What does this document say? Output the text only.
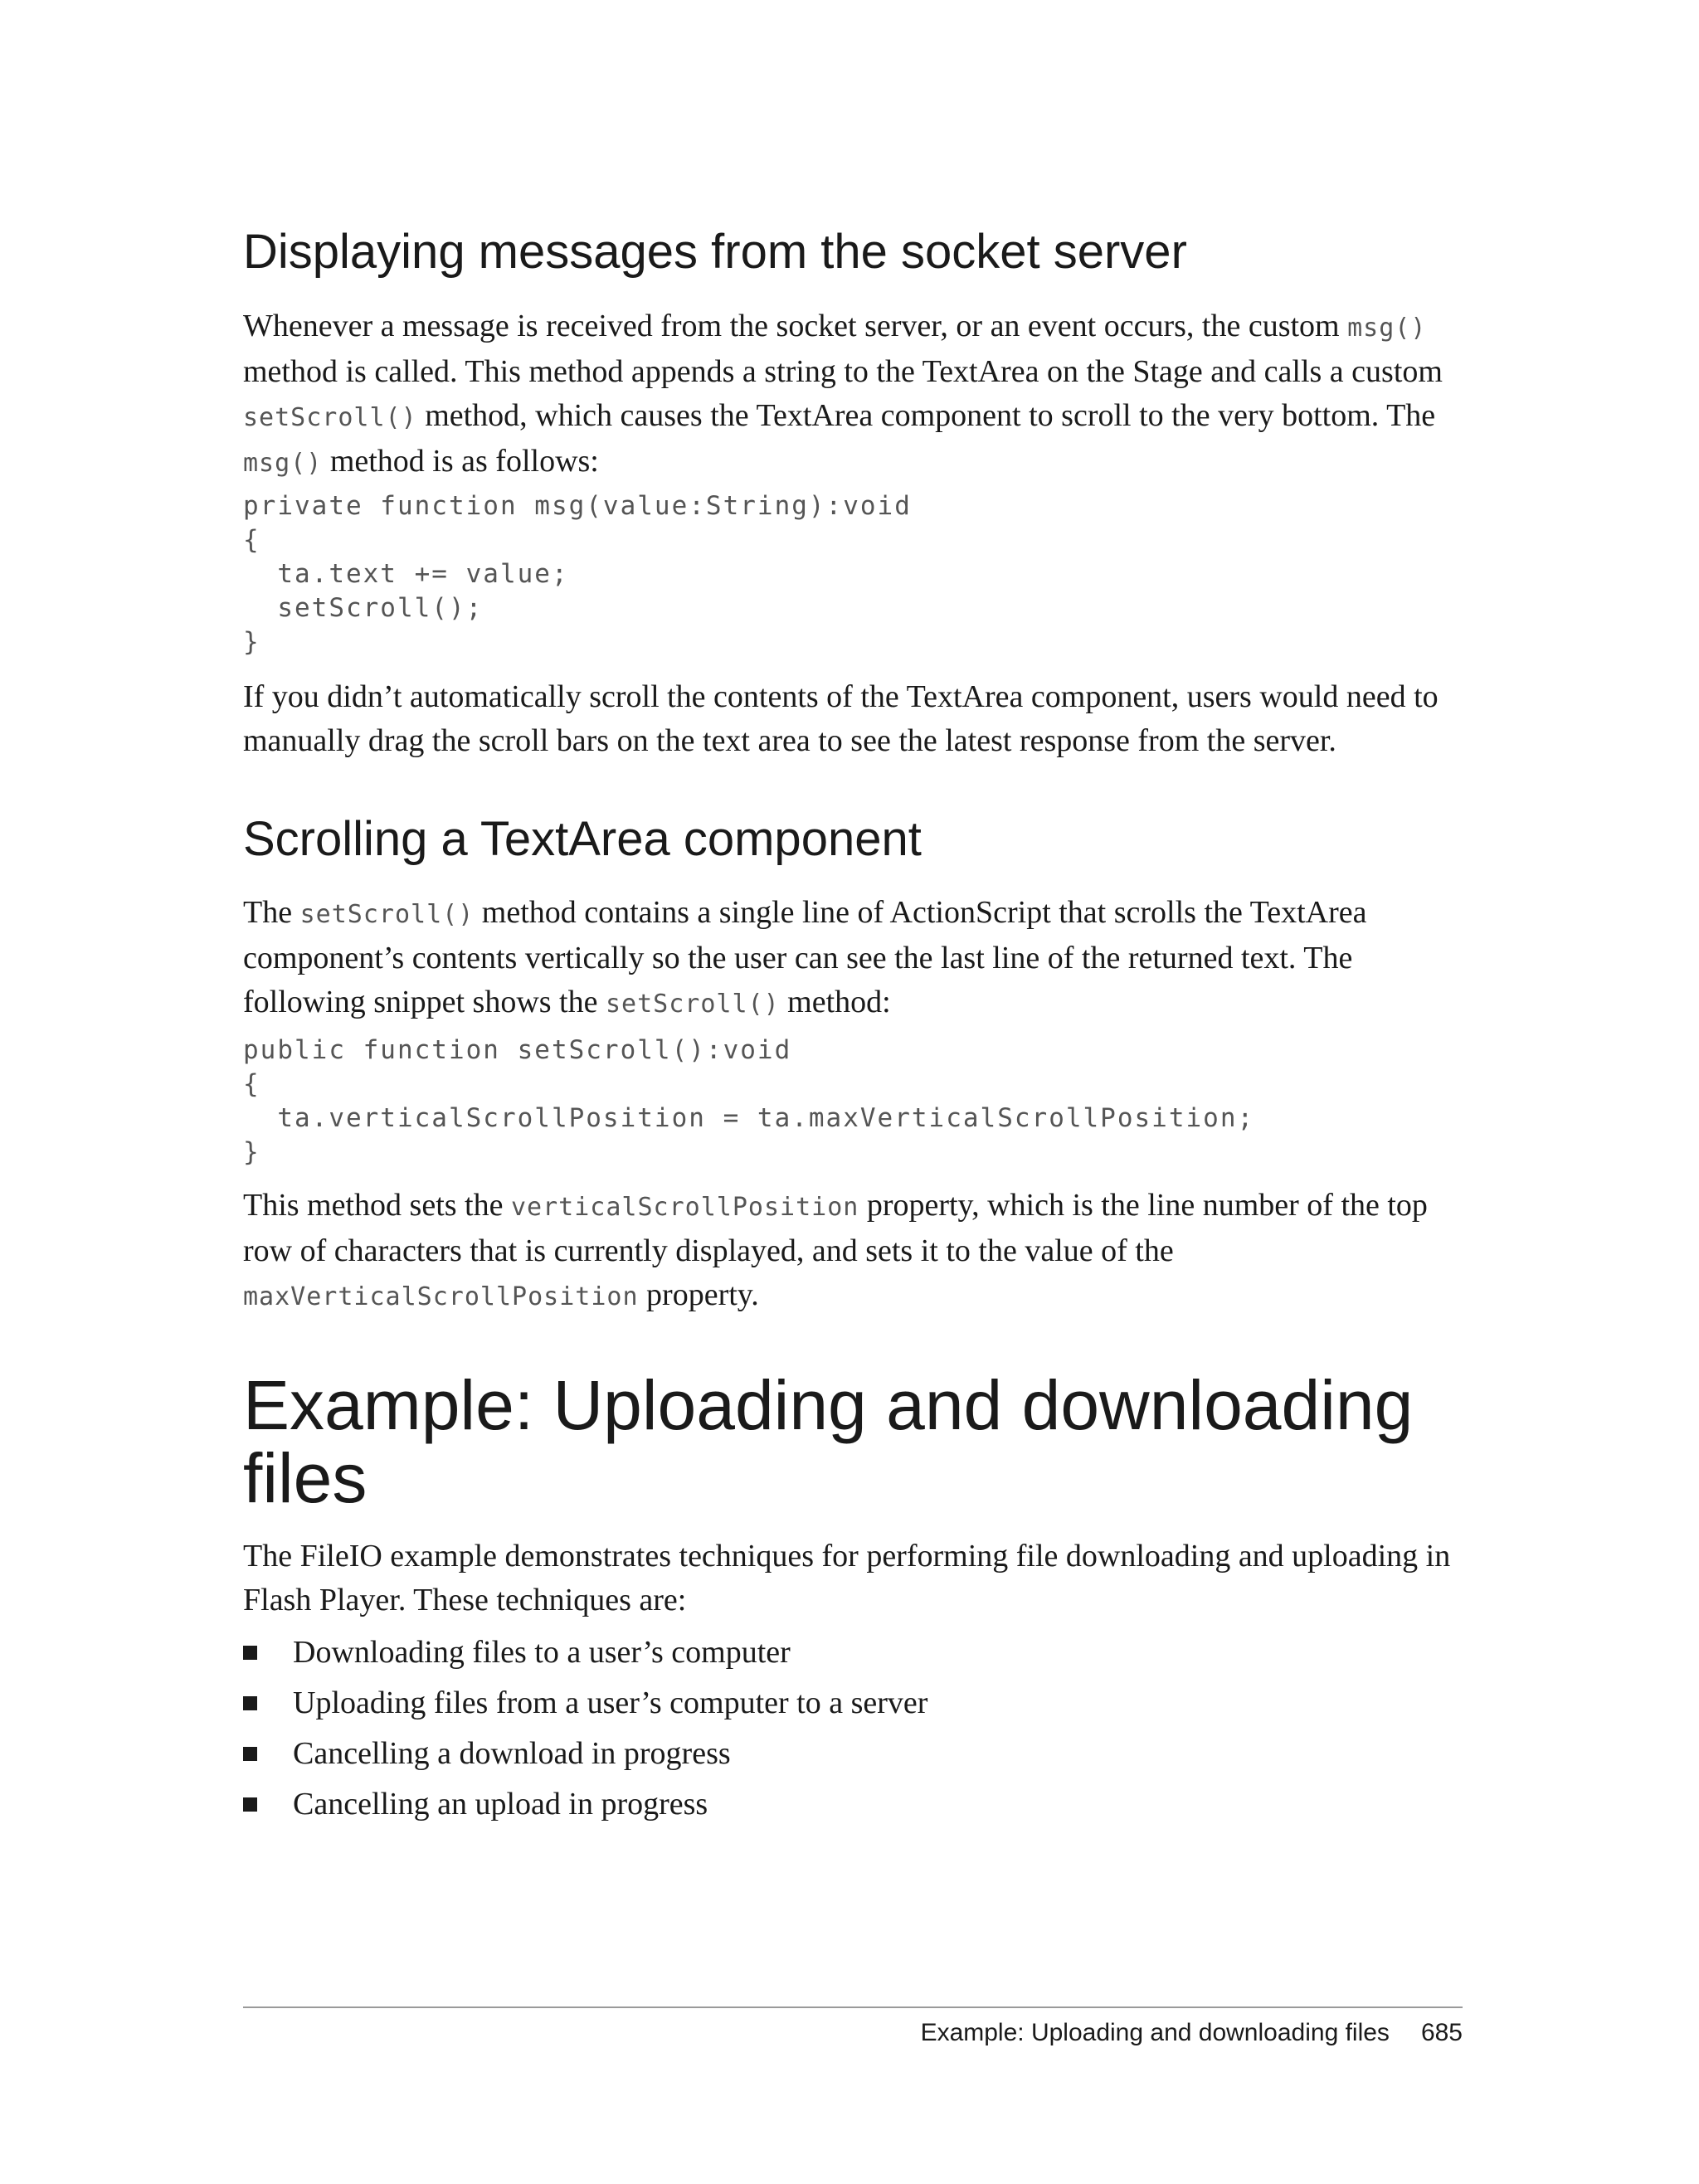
Displaying messages from the socket server

Whenever a message is received from the socket server, or an event occurs, the custom msg() method is called. This method appends a string to the TextArea on the Stage and calls a custom setScroll() method, which causes the TextArea component to scroll to the very bottom. The msg() method is as follows:

private function msg(value:String):void
{
ta.text += value;
setScroll();
}

If you didn’t automatically scroll the contents of the TextArea component, users would need to manually drag the scroll bars on the text area to see the latest response from the server.

Scrolling a TextArea component

The setScroll() method contains a single line of ActionScript that scrolls the TextArea component’s contents vertically so the user can see the last line of the returned text. The following snippet shows the setScroll() method:

public function setScroll():void
{
ta.verticalScrollPosition = ta.maxVerticalScrollPosition;
}

This method sets the verticalScrollPosition property, which is the line number of the top row of characters that is currently displayed, and sets it to the value of the maxVerticalScrollPosition property.

Example: Uploading and downloading files

The FileIO example demonstrates techniques for performing file downloading and uploading in Flash Player. These techniques are:

Downloading files to a user’s computer
Uploading files from a user’s computer to a server
Cancelling a download in progress
Cancelling an upload in progress
Example: Uploading and downloading files 685
